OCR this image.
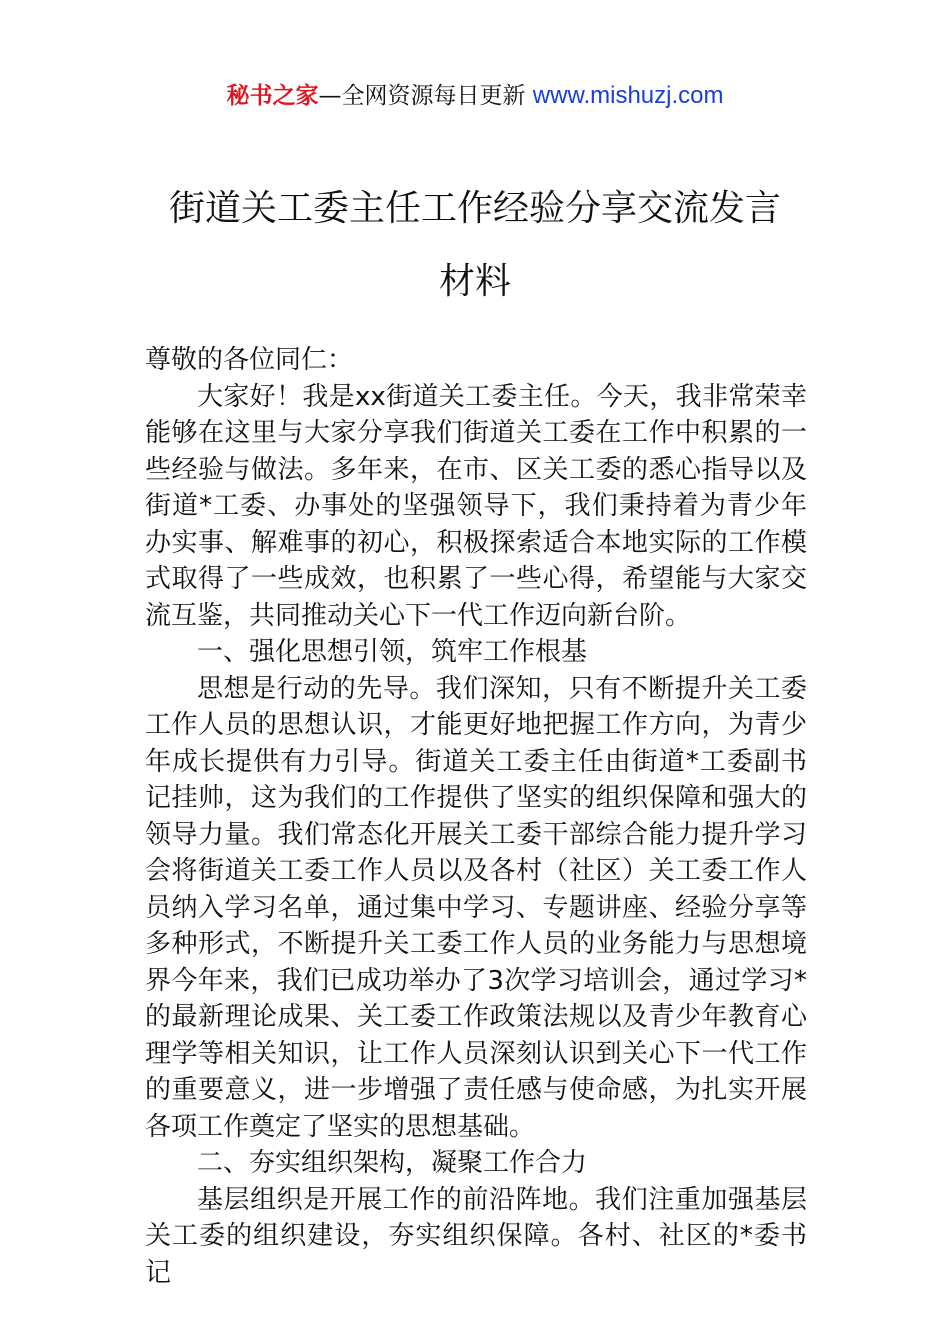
秘书之家—全网资源每日更新 www.mishuzj.com
街道关工委主任工作经验分享交流发言
材料

尊敬的各位同仁：

大家好！我是xx街道关工委主任。今天，我非常荣幸能够在这里与大家分享我们街道关工委在工作中积累的一些经验与做法。多年来，在市、区关工委的悉心指导以及街道*工委、办事处的坚强领导下，我们秉持着为青少年办实事、解难事的初心，积极探索适合本地实际的工作模式取得了一些成效，也积累了一些心得，希望能与大家交流互鉴，共同推动关心下一代工作迈向新台阶。

一、强化思想引领，筑牢工作根基

思想是行动的先导。我们深知，只有不断提升关工委工作人员的思想认识，才能更好地把握工作方向，为青少年成长提供有力引导。街道关工委主任由街道*工委副书记挂帅，这为我们的工作提供了坚实的组织保障和强大的领导力量。我们常态化开展关工委干部综合能力提升学习会将街道关工委工作人员以及各村（社区）关工委工作人员纳入学习名单，通过集中学习、专题讲座、经验分享等多种形式，不断提升关工委工作人员的业务能力与思想境界今年来，我们已成功举办了3次学习培训会，通过学习*的最新理论成果、关工委工作政策法规以及青少年教育心理学等相关知识，让工作人员深刻认识到关心下一代工作的重要意义，进一步增强了责任感与使命感，为扎实开展各项工作奠定了坚实的思想基础。

二、夯实组织架构，凝聚工作合力

基层组织是开展工作的前沿阵地。我们注重加强基层关工委的组织建设，夯实组织保障。各村、社区的*委书记
